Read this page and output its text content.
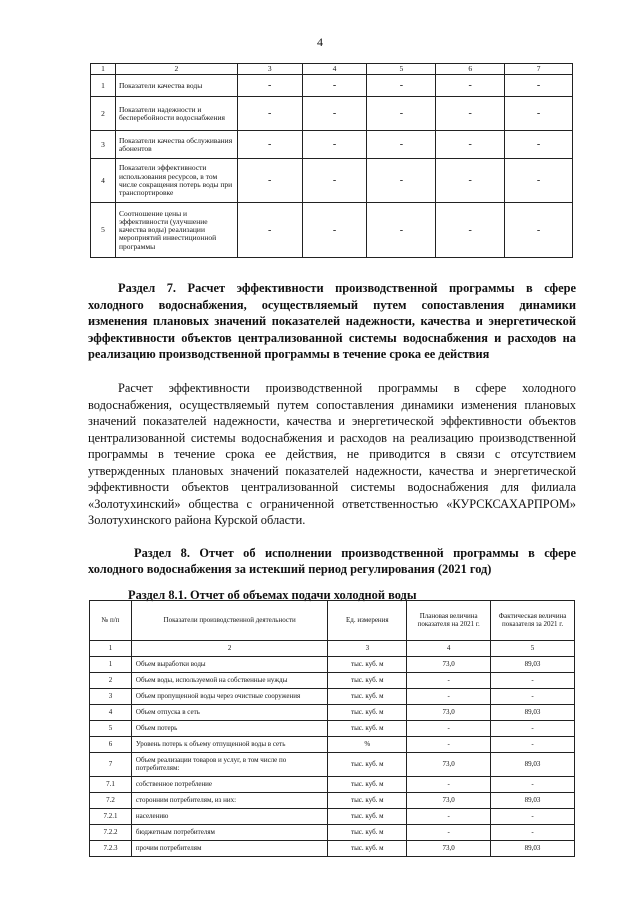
4
1	2	3	4	5	6	7
1	Показатели качества воды	-	-	-	-	-
2	Показатели надежности и бесперебойности водоснабжения	-	-	-	-	-
3	Показатели качества обслуживания абонентов	-	-	-	-	-
4	Показатели эффективности использования ресурсов, в том числе сокращения потерь воды при транспортировке	-	-	-	-	-
5	Соотношение цены и эффективности (улучшение качества воды) реализации мероприятий инвестиционной программы	-	-	-	-	-
Раздел 7. Расчет эффективности производственной программы в сфере холодного водоснабжения, осуществляемый путем сопоставления динамики изменения плановых значений показателей надежности, качества и энергетической эффективности объектов централизованной системы водоснабжения и расходов на реализацию производственной программы в течение срока ее действия

Расчет эффективности производственной программы в сфере холодного водоснабжения, осуществляемый путем сопоставления динамики изменения плановых значений показателей надежности, качества и энергетической эффективности объектов централизованной системы водоснабжения и расходов на реализацию производственной программы в течение срока ее действия, не приводится в связи с отсутствием утвержденных плановых значений показателей надежности, качества и энергетической эффективности объектов централизованной системы водоснабжения для филиала «Золотухинский» общества с ограниченной ответственностью «КУРСКСАХАРПРОМ» Золотухинского района Курской области.

Раздел 8. Отчет об исполнении производственной программы в сфере холодного водоснабжения за истекший период регулирования (2021 год)
Раздел 8.1. Отчет об объемах подачи холодной воды
№ п/п	Показатели производственной деятельности	Ед. измерения	Плановая величина показателя на 2021 г.	Фактическая величина показателя за 2021 г.
1	2	3	4	5
1	Объем выработки воды	тыс. куб. м	73,0	89,03
2	Объем воды, используемой на собственные нужды	тыс. куб. м	-	-
3	Объем пропущенной воды через очистные сооружения	тыс. куб. м	-	-
4	Объем отпуска в сеть	тыс. куб. м	73,0	89,03
5	Объем потерь	тыс. куб. м	-	-
6	Уровень потерь к объему отпущенной воды в сеть	%	-	-
7	Объем реализации товаров и услуг, в том числе по потребителям:	тыс. куб. м	73,0	89,03
7.1	собственное потребление	тыс. куб. м	-	-
7.2	сторонним потребителям, из них:	тыс. куб. м	73,0	89,03
7.2.1	населению	тыс. куб. м	-	-
7.2.2	бюджетным потребителям	тыс. куб. м	-	-
7.2.3	прочим потребителям	тыс. куб. м	73,0	89,03
